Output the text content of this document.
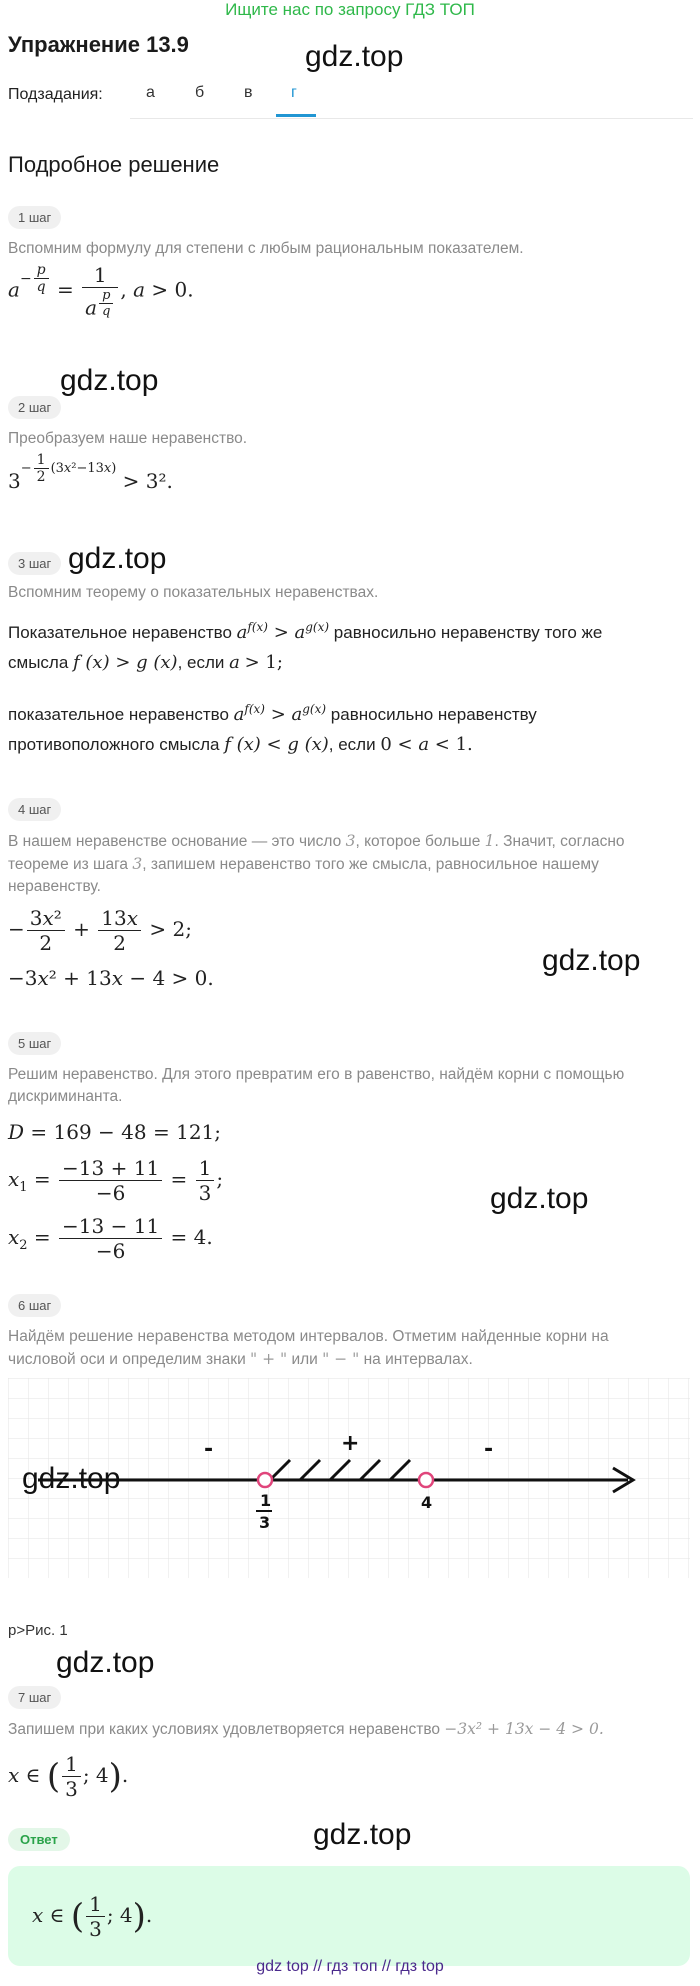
Ищите нас по запросу ГДЗ ТОП
Упражнение 13.9	gdz.top
Подзадания:	а	б в г
Подробное решение
1 шаг
Вспомним формулу для степени с любым рациональным показателем.
$a^{- \frac{p}{q}} = 1$
a $^{\frac{p}{q}}$ , a > 0.
gdz.top
2 шаг
Преобразуем наше неравенство.
$3^{- \frac{1}{2} (3x^2-13x)} > 3^2$.
3 шаг gdz.top
Вспомним теорему о показательных неравенствах.
Показательное неравенство $a^{f(x)} > a^{g(x)}$ равносильно неравенству того же
смысла f (x) > g (x), если a > 1;
показательное неравенство $a^{f(x)} > a^{g(x)}$ равносильно неравенству
противоположного смысла f (x) < g (x), если 0 < a < 1.
4 шаг
В нашем неравенстве основание — это число 3, которое больше 1. Значит, согласно
теореме из шага 3, запишем неравенство того же смысла, равносильное нашему
неравенству.
− $\frac{\text{3x²}}{2} + \frac{13x}{2} > 2$;
gdz.top
−3x² + 13x − 4 > 0.
5 шаг
Решим неравенство. Для этого превратим его в равенство, найдём корни с помощью
дискриминанта.
D = 169 − 48 = 121;
$x_1 = \frac{-13 + 11}{-6} = \frac{1}{3}$ ;
gdz.top
$x_2 = \frac{-13 - 11}{-6} = 4$.
6 шаг
Найдём решение неравенства методом интервалов. Отметим найденные корни на
числовой оси и определим знаки " + " или " − " на интервалах.
-	+	-
1
3
4
gdz.top
p>Рис. 1
gdz.top
7 шаг
Запишем при каких условиях удовлетворяется неравенство −3x² + 13x − 4 > 0.
x ∈ ( $\frac{1}{3}$ ; 4).
Ответ	gdz.top
x ∈ ( $\frac{1}{3}$ ; 4).
gdz top // гдз топ // гдз top
